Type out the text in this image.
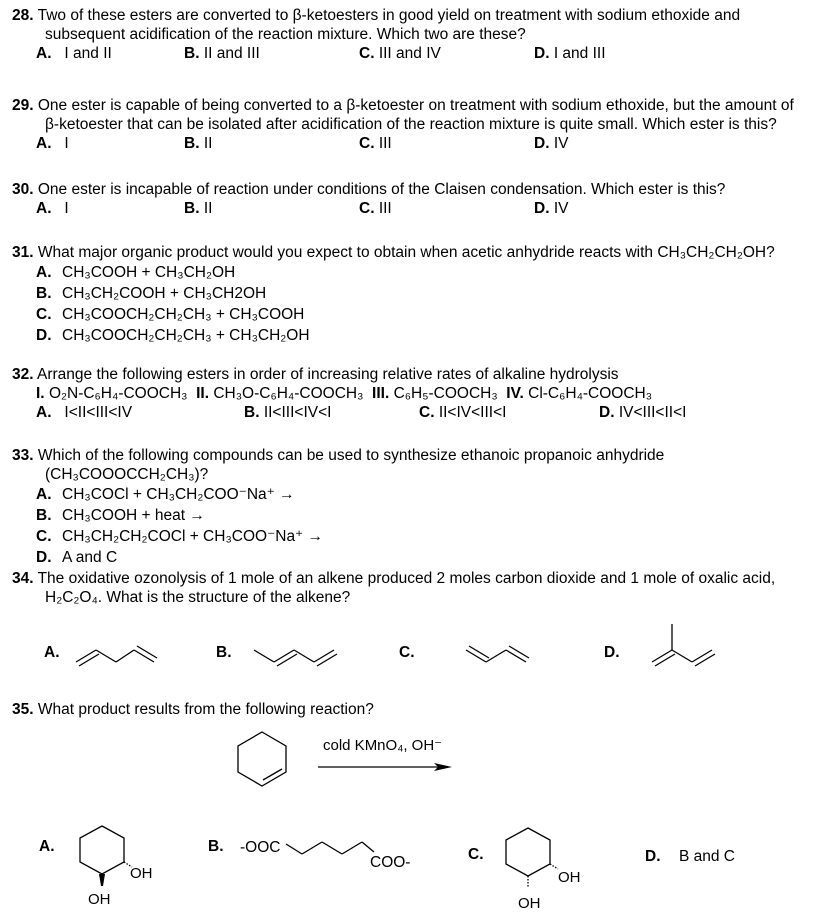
28. Two of these esters are converted to β-ketoesters in good yield on treatment with sodium ethoxide and subsequent acidification of the reaction mixture. Which two are these?
A. I and II	B. II and III	C. III and IV	D. I and III
29. One ester is capable of being converted to a β-ketoester on treatment with sodium ethoxide, but the amount of β-ketoester that can be isolated after acidification of the reaction mixture is quite small. Which ester is this?
A. I	B. II	C. III	D. IV
30. One ester is incapable of reaction under conditions of the Claisen condensation. Which ester is this?
A. I	B. II	C. III	D. IV
31. What major organic product would you expect to obtain when acetic anhydride reacts with CH₃CH₂CH₂OH?
A. CH₃COOH + CH₃CH₂OH
B. CH₃CH₂COOH + CH₃CH2OH
C. CH₃COOCH₂CH₂CH₃ + CH₃COOH
D. CH₃COOCH₂CH₂CH₃ + CH₃CH₂OH
32. Arrange the following esters in order of increasing relative rates of alkaline hydrolysis
I. O₂N-C₆H₄-COOCH₃ II. CH₃O-C₆H₄-COOCH₃ III. C₆H₅-COOCH₃ IV. Cl-C₆H₄-COOCH₃
A. I<II<III<IV	B. II<III<IV<I	C. II<IV<III<I	D. IV<III<II<I
33. Which of the following compounds can be used to synthesize ethanoic propanoic anhydride (CH₃COOOCCH₂CH₃)?
A. CH₃COCl + CH₃CH₂COO⁻Na⁺ →
B. CH₃COOH + heat →
C. CH₃CH₂CH₂COCl + CH₃COO⁻Na⁺ →
D. A and C
34. The oxidative ozonolysis of 1 mole of an alkene produced 2 moles carbon dioxide and 1 mole of oxalic acid, H₂C₂O₄. What is the structure of the alkene?
A.	B.	C.	D.
35. What product results from the following reaction?
cold KMnO₄, OH⁻
A.
OH
OH
B. -OOC
COO-	C.
OH
OH
D. B and C
